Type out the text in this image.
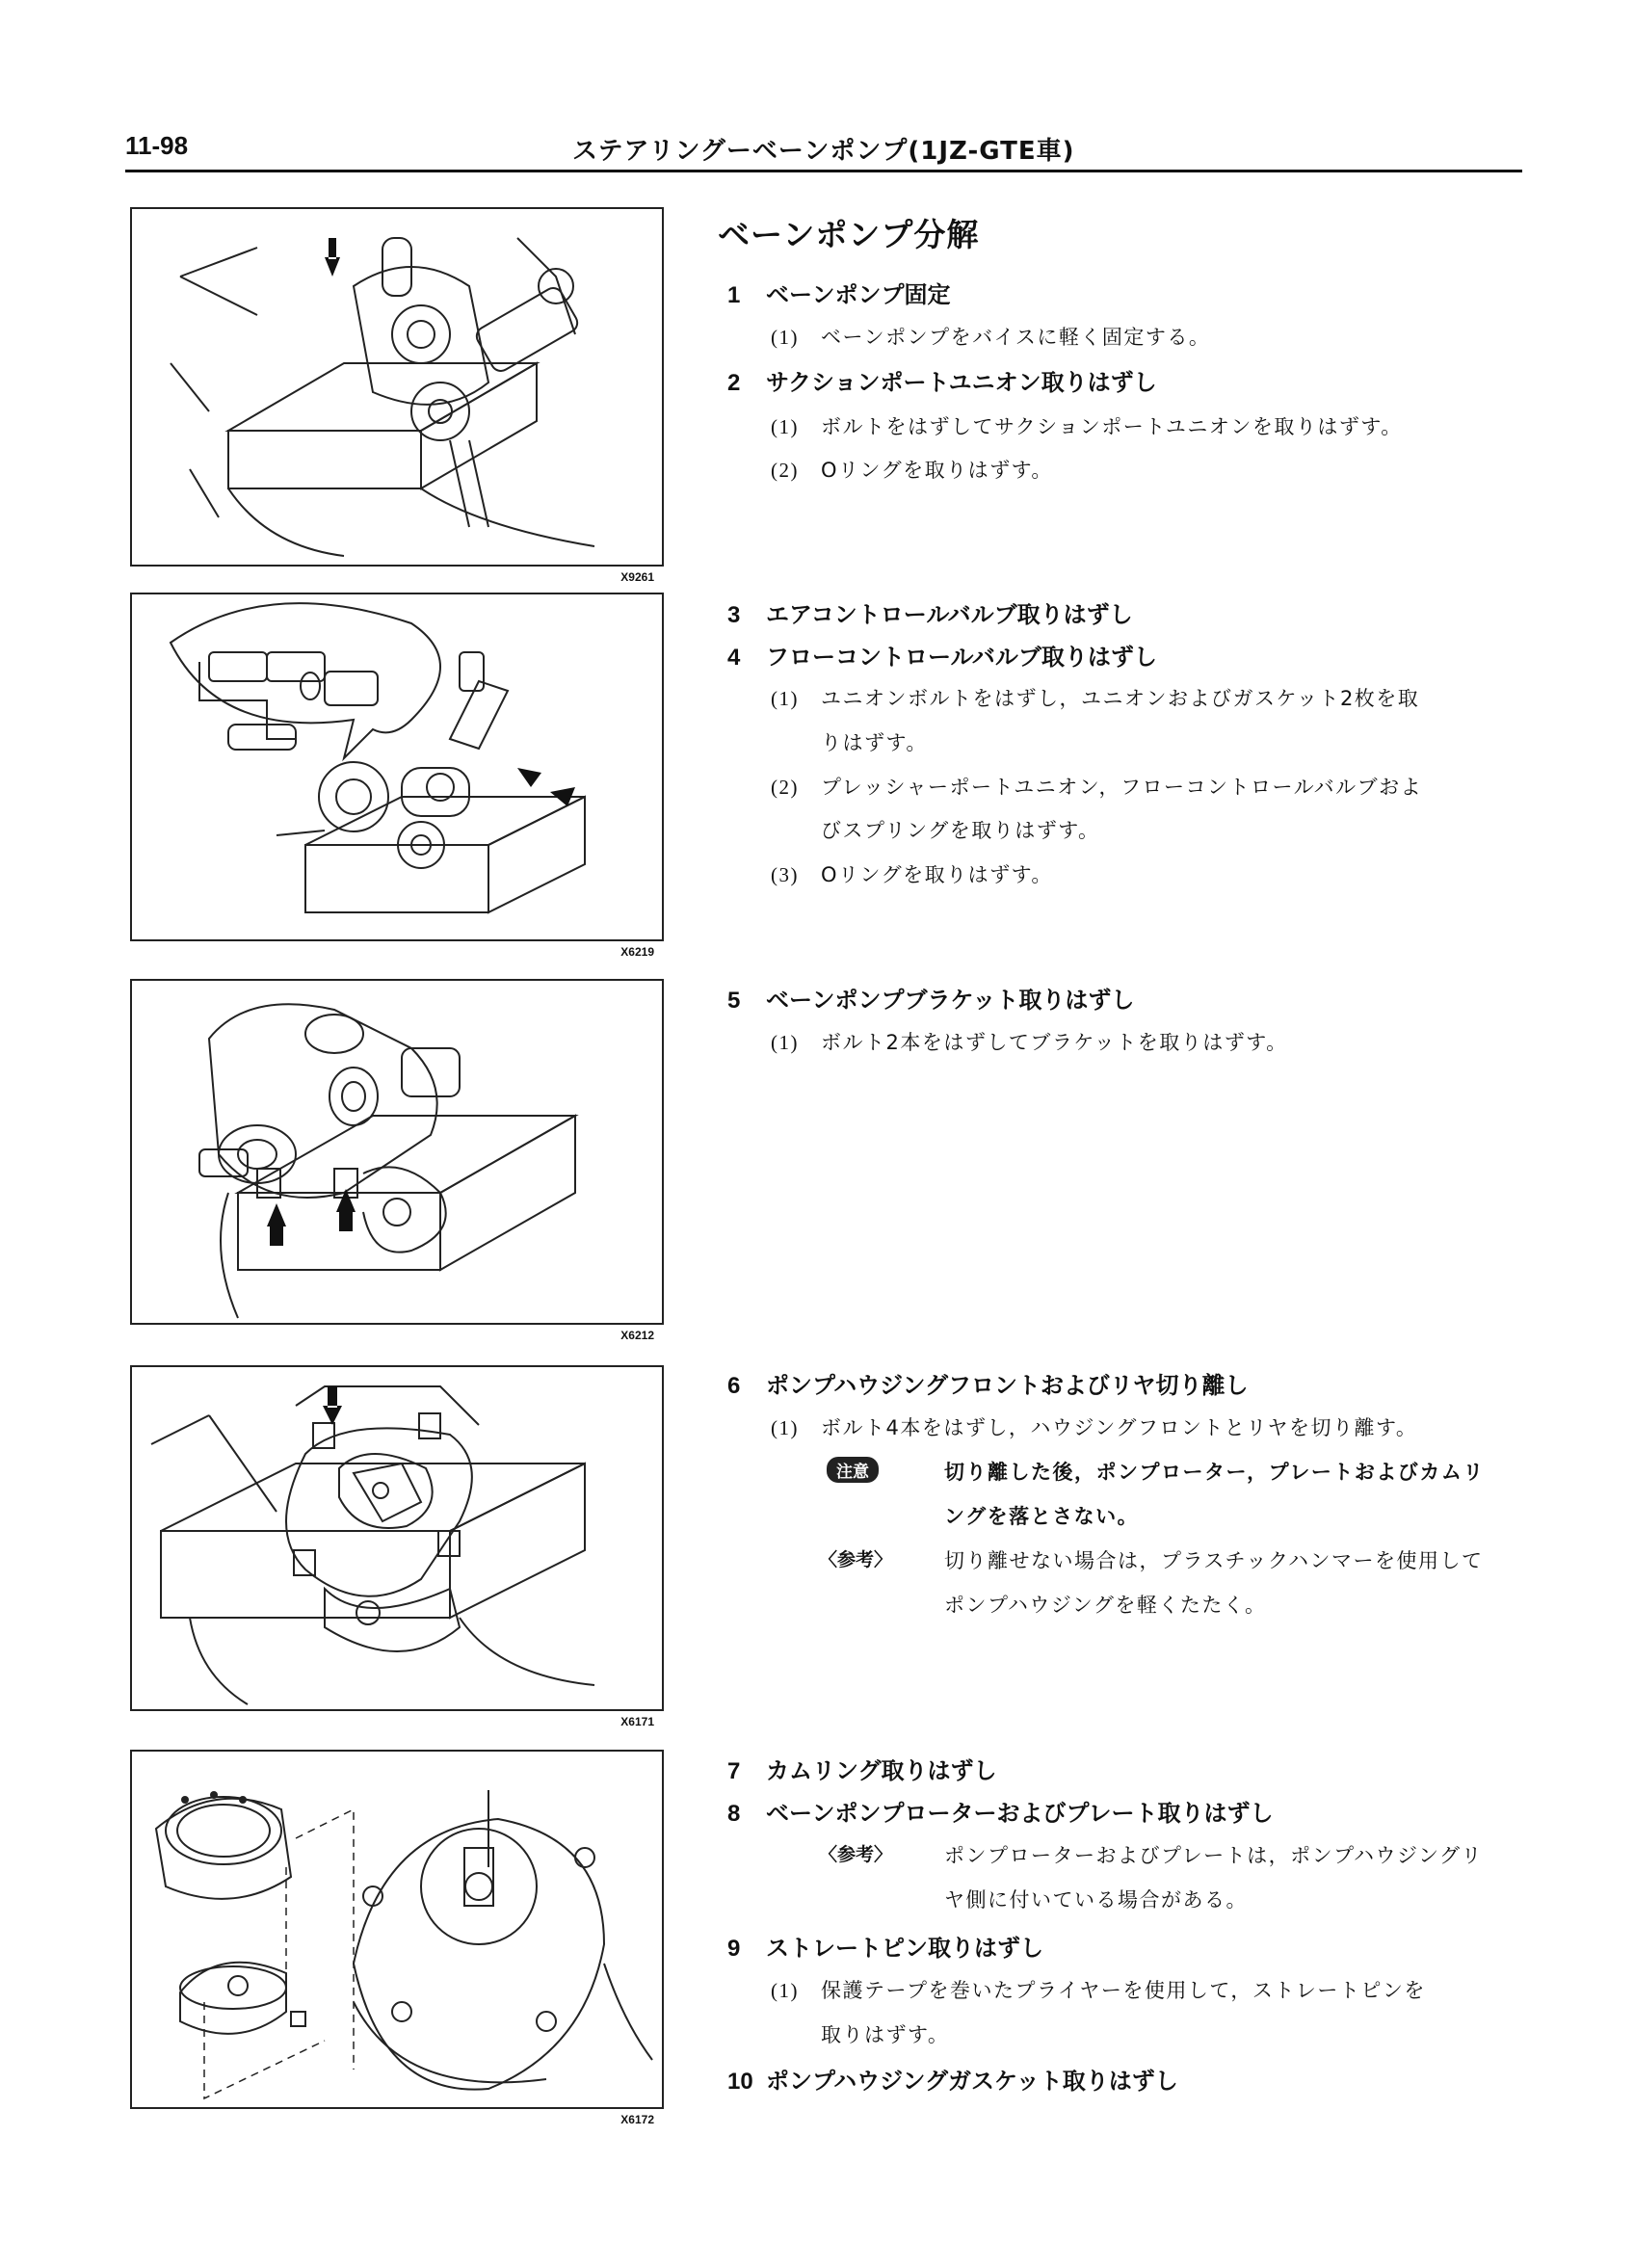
11-98	ステアリングーベーンポンプ(1JZ-GTE車)
X9261
X6219
X6212
X6171
X6172
ベーンポンプ分解
1 ベーンポンプ固定
(1) ベーンポンプをバイスに軽く固定する。
2 サクションポートユニオン取りはずし
(1) ボルトをはずしてサクションポートユニオンを取りはずす。
(2) Oリングを取りはずす。
3 エアコントロールバルブ取りはずし
4 フローコントロールバルブ取りはずし
(1) ユニオンボルトをはずし，ユニオンおよびガスケット2枚を取
りはずす。
(2) プレッシャーポートユニオン，フローコントロールバルブおよ
びスプリングを取りはずす。
(3) Oリングを取りはずす。
5 ベーンポンプブラケット取りはずし
(1) ボルト2本をはずしてブラケットを取りはずす。
6 ポンプハウジングフロントおよびリヤ切り離し
(1) ボルト4本をはずし，ハウジングフロントとリヤを切り離す。
注意	切り離した後，ポンプローター，プレートおよびカムリ
ングを落とさない。
〈参考〉	切り離せない場合は，プラスチックハンマーを使用して
ポンプハウジングを軽くたたく。
7 カムリング取りはずし
8 ベーンポンプローターおよびプレート取りはずし
〈参考〉	ポンプローターおよびプレートは，ポンプハウジングリ
ヤ側に付いている場合がある。
9 ストレートピン取りはずし
(1) 保護テープを巻いたプライヤーを使用して，ストレートピンを
取りはずす。
10 ポンプハウジングガスケット取りはずし
